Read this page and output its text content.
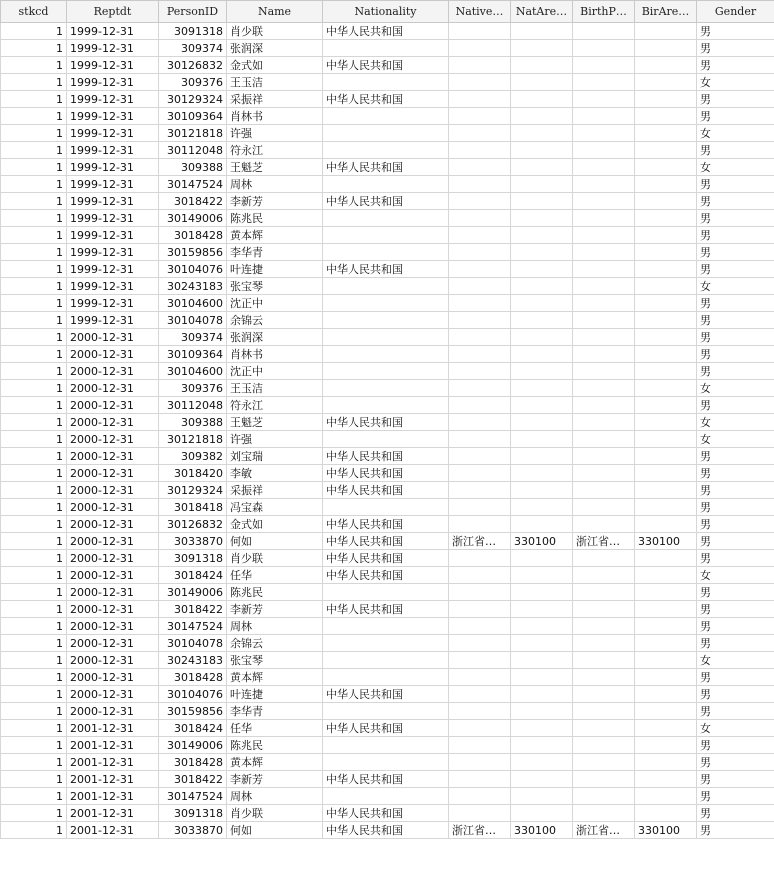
stkcd	Reptdt	PersonID	Name	Nationality	Native…	NatAre…	BirthP…	BirAre…	Gender
1	1999-12-31	3091318	肖少联	中华人民共和国					男
1	1999-12-31	309374	张润深						男
1	1999-12-31	30126832	金式如	中华人民共和国					男
1	1999-12-31	309376	王玉洁						女
1	1999-12-31	30129324	采振祥	中华人民共和国					男
1	1999-12-31	30109364	肖林书						男
1	1999-12-31	30121818	许强						女
1	1999-12-31	30112048	符永江						男
1	1999-12-31	309388	王魁芝	中华人民共和国					女
1	1999-12-31	30147524	周林						男
1	1999-12-31	3018422	李新芳	中华人民共和国					男
1	1999-12-31	30149006	陈兆民						男
1	1999-12-31	3018428	黄本辉						男
1	1999-12-31	30159856	李华青						男
1	1999-12-31	30104076	叶连捷	中华人民共和国					男
1	1999-12-31	30243183	张宝琴						女
1	1999-12-31	30104600	沈正中						男
1	1999-12-31	30104078	余锦云						男
1	2000-12-31	309374	张润深						男
1	2000-12-31	30109364	肖林书						男
1	2000-12-31	30104600	沈正中						男
1	2000-12-31	309376	王玉洁						女
1	2000-12-31	30112048	符永江						男
1	2000-12-31	309388	王魁芝	中华人民共和国					女
1	2000-12-31	30121818	许强						女
1	2000-12-31	309382	刘宝瑞	中华人民共和国					男
1	2000-12-31	3018420	李敏	中华人民共和国					男
1	2000-12-31	30129324	采振祥	中华人民共和国					男
1	2000-12-31	3018418	冯宝森						男
1	2000-12-31	30126832	金式如	中华人民共和国					男
1	2000-12-31	3033870	何如	中华人民共和国	浙江省…	330100	浙江省…	330100	男
1	2000-12-31	3091318	肖少联	中华人民共和国					男
1	2000-12-31	3018424	任华	中华人民共和国					女
1	2000-12-31	30149006	陈兆民						男
1	2000-12-31	3018422	李新芳	中华人民共和国					男
1	2000-12-31	30147524	周林						男
1	2000-12-31	30104078	余锦云						男
1	2000-12-31	30243183	张宝琴						女
1	2000-12-31	3018428	黄本辉						男
1	2000-12-31	30104076	叶连捷	中华人民共和国					男
1	2000-12-31	30159856	李华青						男
1	2001-12-31	3018424	任华	中华人民共和国					女
1	2001-12-31	30149006	陈兆民						男
1	2001-12-31	3018428	黄本辉						男
1	2001-12-31	3018422	李新芳	中华人民共和国					男
1	2001-12-31	30147524	周林						男
1	2001-12-31	3091318	肖少联	中华人民共和国					男
1	2001-12-31	3033870	何如	中华人民共和国	浙江省…	330100	浙江省…	330100	男
